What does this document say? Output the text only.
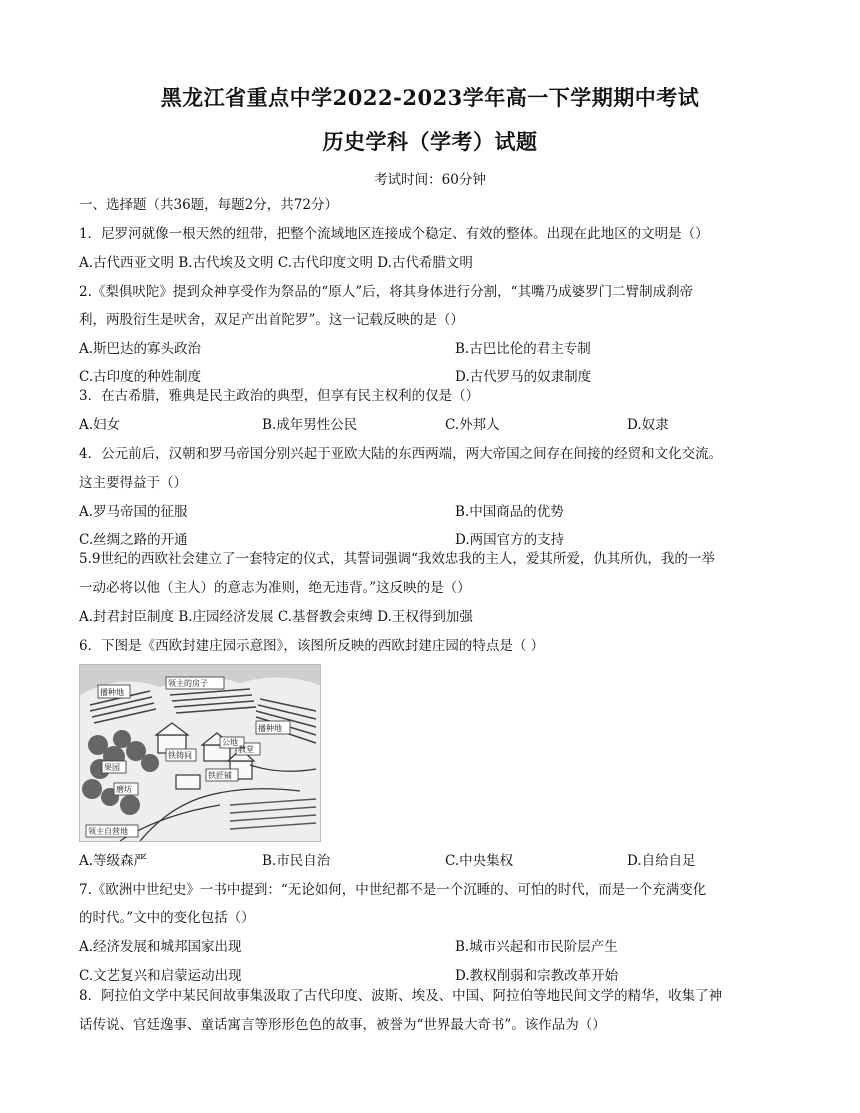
黑龙江省重点中学2022-2023学年高一下学期期中考试
历史学科（学考）试题
考试时间：60分钟
一、选择题（共36题，每题2分，共72分）
1．尼罗河就像一根天然的纽带，把整个流域地区连接成个稳定、有效的整体。出现在此地区的文明是（）
A.古代西亚文明 B.古代埃及文明 C.古代印度文明 D.古代希腊文明
2.《梨俱吠陀》提到众神享受作为祭品的“原人”后，将其身体进行分割，“其嘴乃成婆罗门二臂制成刹帝
利，两股衍生是吠舍，双足产出首陀罗”。这一记载反映的是（）
A.斯巴达的寡头政治	B.古巴比伦的君主专制
C.古印度的种姓制度	D.古代罗马的奴隶制度
3．在古希腊，雅典是民主政治的典型，但享有民主权利的仅是（）
A.妇女	B.成年男性公民	C.外邦人	D.奴隶
4．公元前后，汉朝和罗马帝国分别兴起于亚欧大陆的东西两端，两大帝国之间存在间接的经贸和文化交流。
这主要得益于（）
A.罗马帝国的征服	B.中国商品的优势
C.丝绸之路的开通	D.两国官方的支持
5.9世纪的西欧社会建立了一套特定的仪式，其誓词强调“我效忠我的主人，爱其所爱，仇其所仇，我的一举
一动必将以他（主人）的意志为准则，绝无违背。”这反映的是（）
A.封君封臣制度 B.庄园经济发展 C.基督教会束缚 D.王权得到加强
6．下图是《西欧封建庄园示意图》，该图所反映的西欧封建庄园的特点是（ ）
播种地
领主的房子
铁铸间
果园
磨坊
铁匠铺
教堂
公地
播种地
领主自营地
A.等级森严	B.市民自治	C.中央集权	D.自给自足
7.《欧洲中世纪史》一书中提到：“无论如何，中世纪都不是一个沉睡的、可怕的时代，而是一个充满变化
的时代。”文中的变化包括（）
A.经济发展和城邦国家出现	B.城市兴起和市民阶层产生
C.文艺复兴和启蒙运动出现	D.教权削弱和宗教改革开始
8．阿拉伯文学中某民间故事集汲取了古代印度、波斯、埃及、中国、阿拉伯等地民间文学的精华，收集了神
话传说、官廷逸事、童话寓言等形形色色的故事，被誉为“世界最大奇书”。该作品为（）
